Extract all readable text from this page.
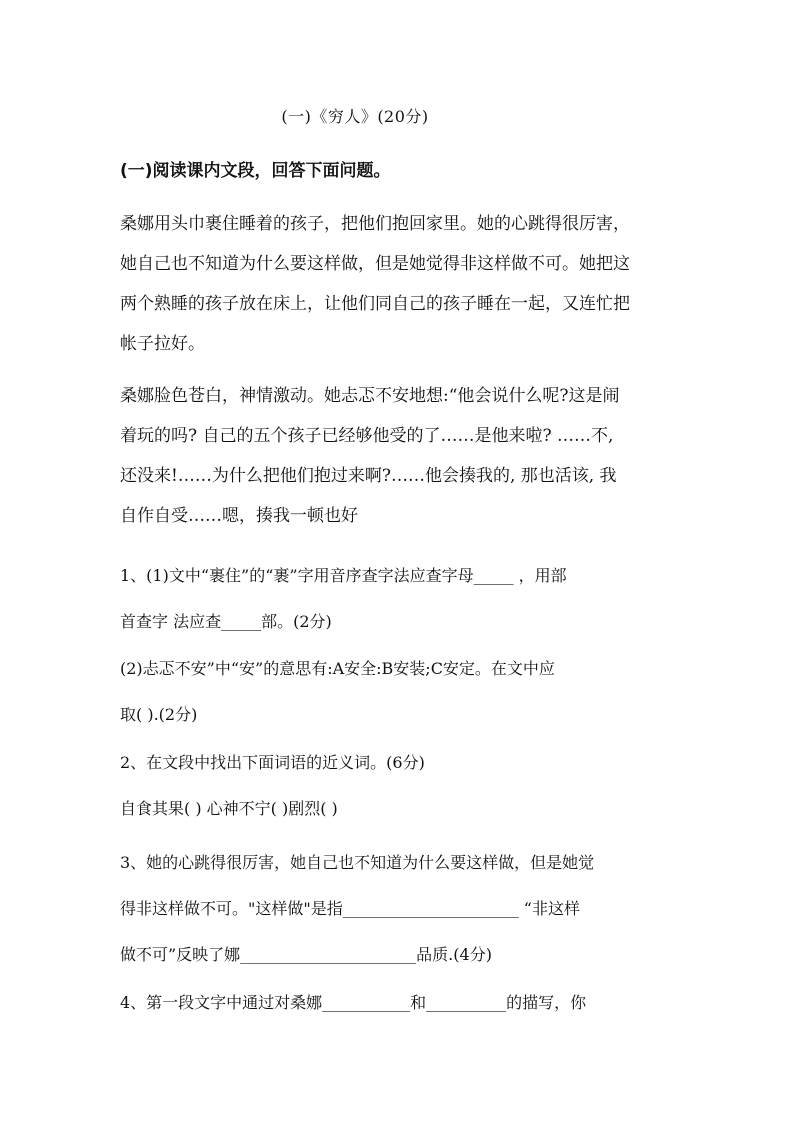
(一)《穷人》(20分)
(一)阅读课内文段，回答下面问题。
桑娜用头巾裹住睡着的孩子，把他们抱回家里。她的心跳得很厉害，
她自己也不知道为什么要这样做，但是她觉得非这样做不可。她把这
两个熟睡的孩子放在床上，让他们同自己的孩子睡在一起，又连忙把
帐子拉好。
桑娜脸色苍白，神情激动。她忐忑不安地想:“他会说什么呢?这是闹
着玩的吗? 自己的五个孩子已经够他受的了……是他来啦? ……不,
还没来!……为什么把他们抱过来啊?……他会揍我的, 那也活该, 我
自作自受……嗯，揍我一顿也好
1、(1)文中“裹住”的“裹”字用音序查字法应查字母_____ ，用部
首查字 法应查_____部。(2分)
(2)忐忑不安”中“安”的意思有:A安全:B安装;C安定。在文中应
取( ).(2分)
2、在文段中找出下面词语的近义词。(6分)
自食其果( ) 心神不宁( )剧烈( )
3、她的心跳得很厉害，她自己也不知道为什么要这样做，但是她觉
得非这样做不可。"这样做"是指______________________ “非这样
做不可”反映了娜______________________品质.(4分)
4、第一段文字中通过对桑娜___________和__________的描写，你
